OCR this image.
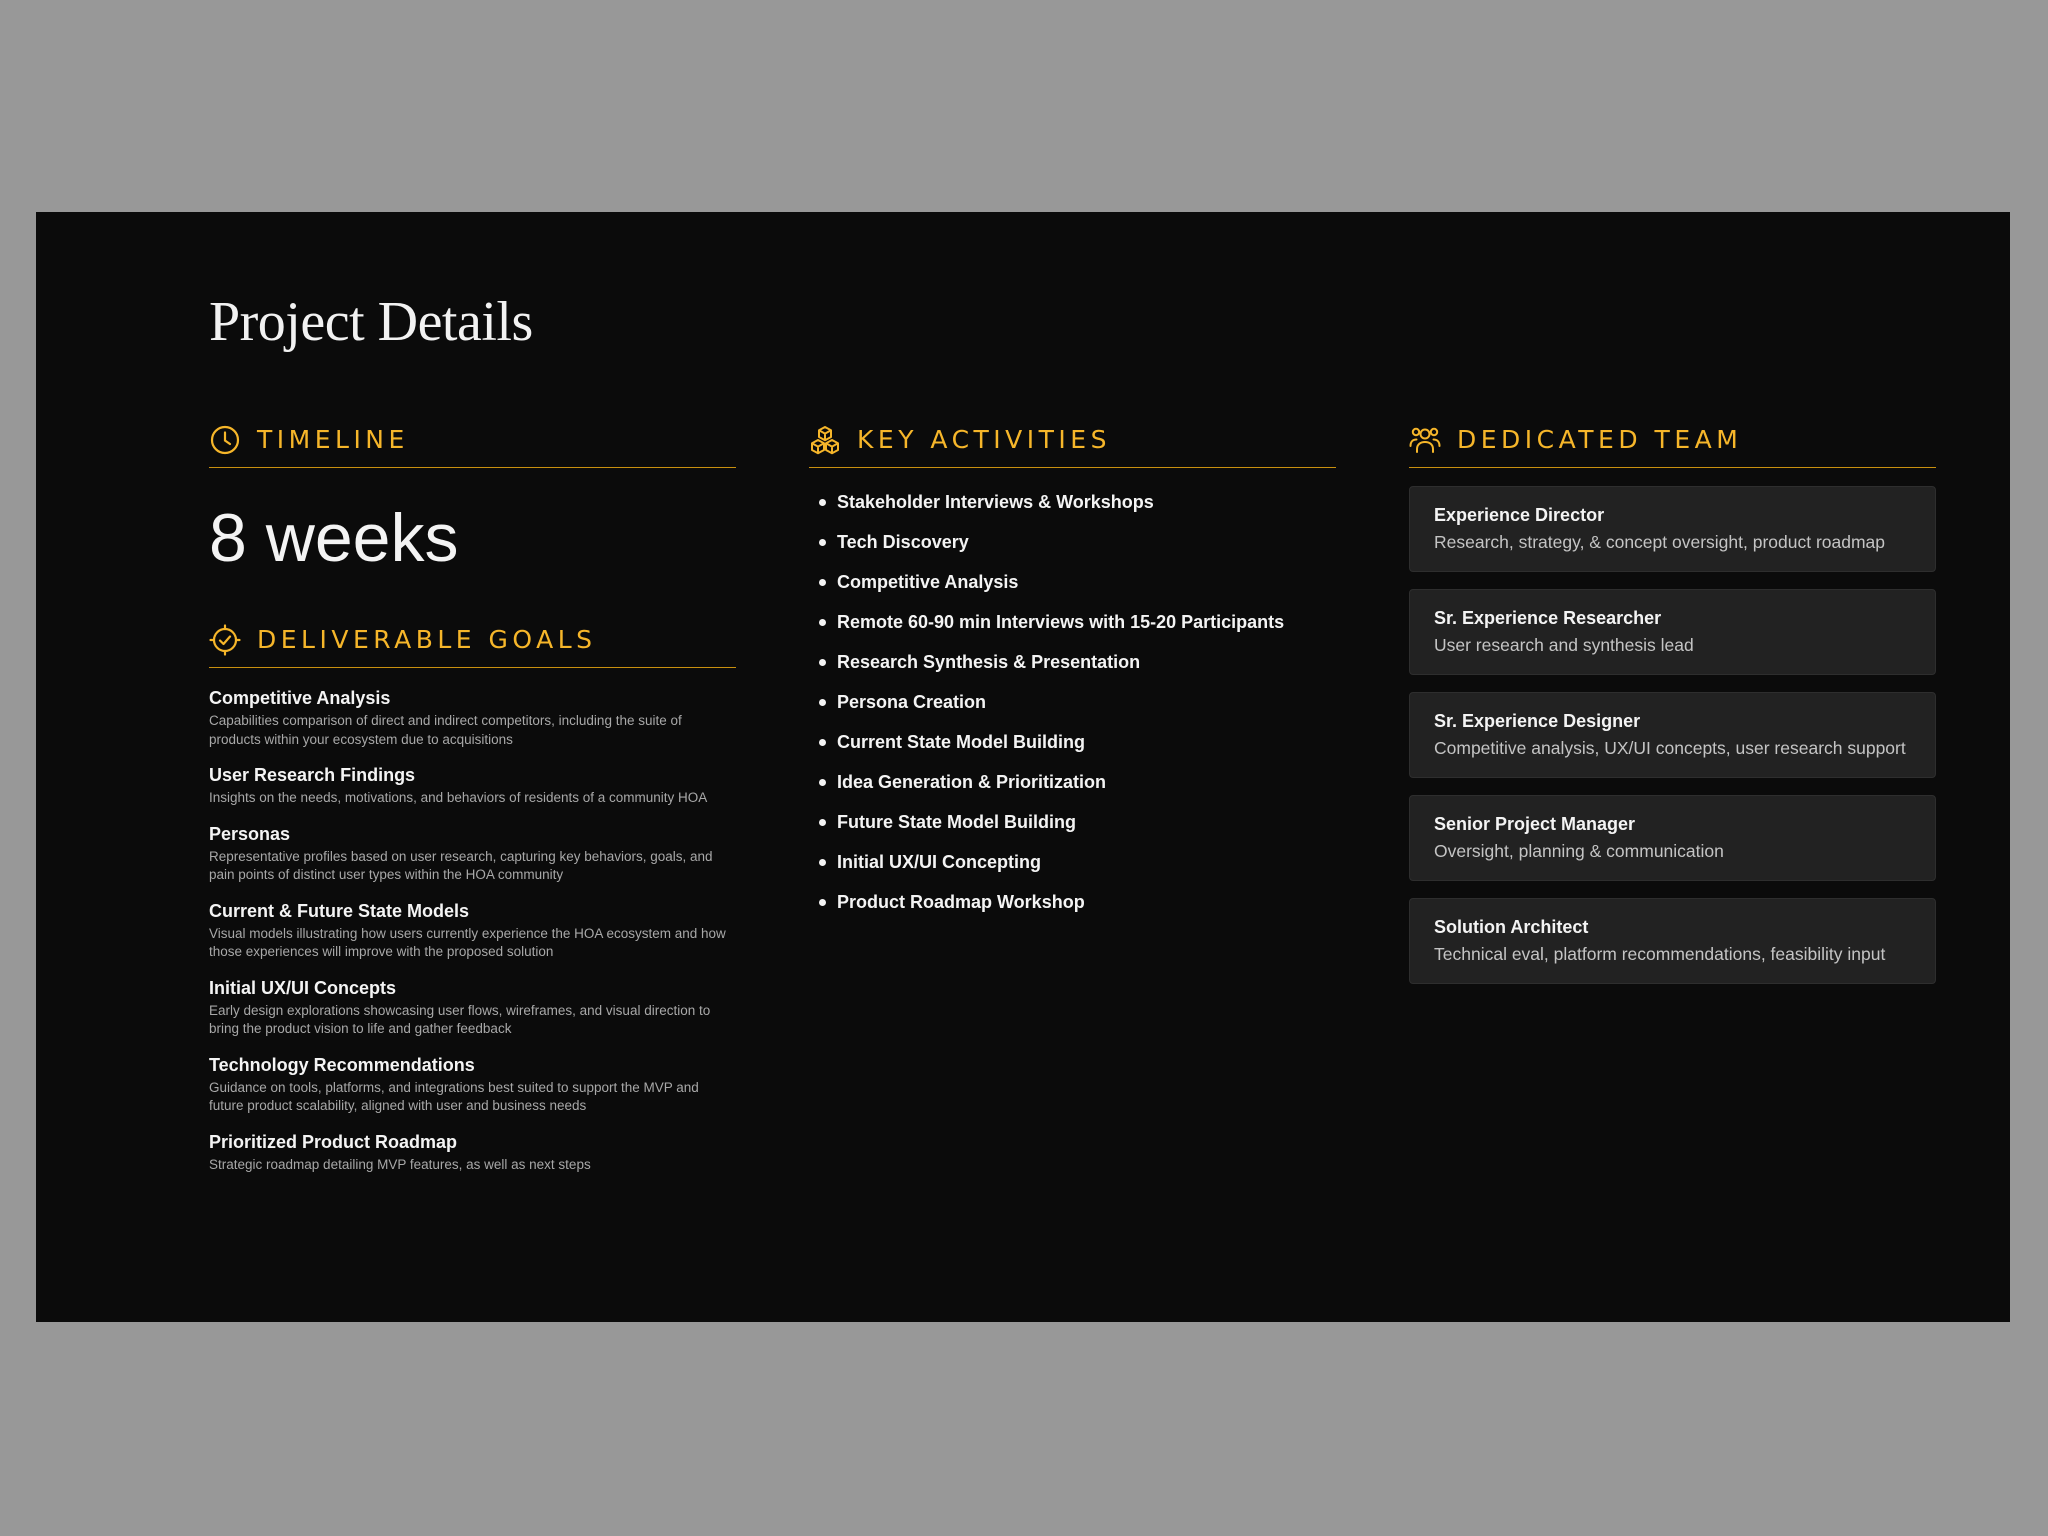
Project Details
TIMELINE
8 weeks
DELIVERABLE GOALS
Competitive Analysis
Capabilities comparison of direct and indirect competitors, including the suite of products within your ecosystem due to acquisitions
User Research Findings
Insights on the needs, motivations, and behaviors of residents of a community HOA
Personas
Representative profiles based on user research, capturing key behaviors, goals, and pain points of distinct user types within the HOA community
Current & Future State Models
Visual models illustrating how users currently experience the HOA ecosystem and how those experiences will improve with the proposed solution
Initial UX/UI Concepts
Early design explorations showcasing user flows, wireframes, and visual direction to bring the product vision to life and gather feedback
Technology Recommendations
Guidance on tools, platforms, and integrations best suited to support the MVP and future product scalability, aligned with user and business needs
Prioritized Product Roadmap
Strategic roadmap detailing MVP features, as well as next steps
KEY ACTIVITIES
Stakeholder Interviews & Workshops
Tech Discovery
Competitive Analysis
Remote 60-90 min Interviews with 15-20 Participants
Research Synthesis & Presentation
Persona Creation
Current State Model Building
Idea Generation & Prioritization
Future State Model Building
Initial UX/UI Concepting
Product Roadmap Workshop
DEDICATED TEAM
Experience Director
Research, strategy, & concept oversight, product roadmap
Sr. Experience Researcher
User research and synthesis lead
Sr. Experience Designer
Competitive analysis, UX/UI concepts, user research support
Senior Project Manager
Oversight, planning & communication
Solution Architect
Technical eval, platform recommendations, feasibility input
